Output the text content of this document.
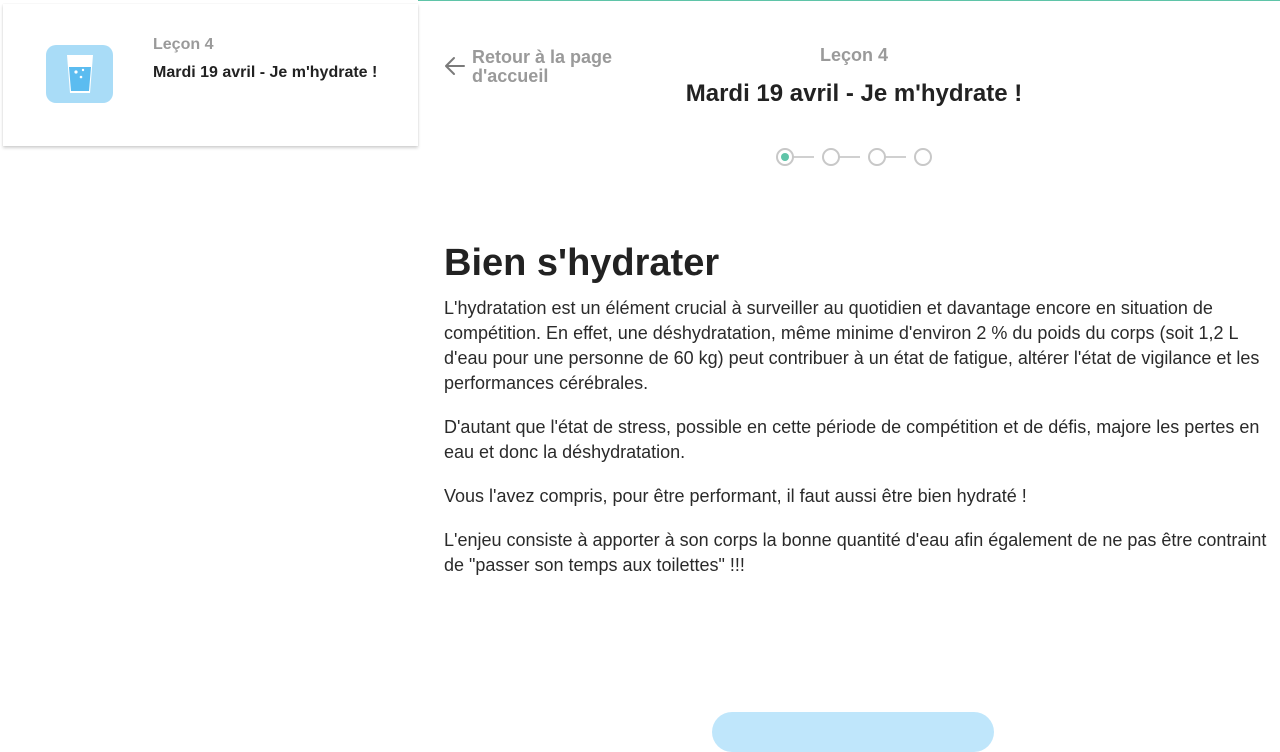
Leçon 4
Mardi 19 avril - Je m'hydrate !
Retour à la page d'accueil
Leçon 4
Mardi 19 avril - Je m'hydrate !
Bien s'hydrater

L'hydratation est un élément crucial à surveiller au quotidien et davantage encore en situation de compétition. En effet, une déshydratation, même minime d'environ 2 % du poids du corps (soit 1,2 L d'eau pour une personne de 60 kg) peut contribuer à un état de fatigue, altérer l'état de vigilance et les performances cérébrales.

D'autant que l'état de stress, possible en cette période de compétition et de défis, majore les pertes en eau et donc la déshydratation.

Vous l'avez compris, pour être performant, il faut aussi être bien hydraté !

L'enjeu consiste à apporter à son corps la bonne quantité d'eau afin également de ne pas être contraint de "passer son temps aux toilettes" !!!
